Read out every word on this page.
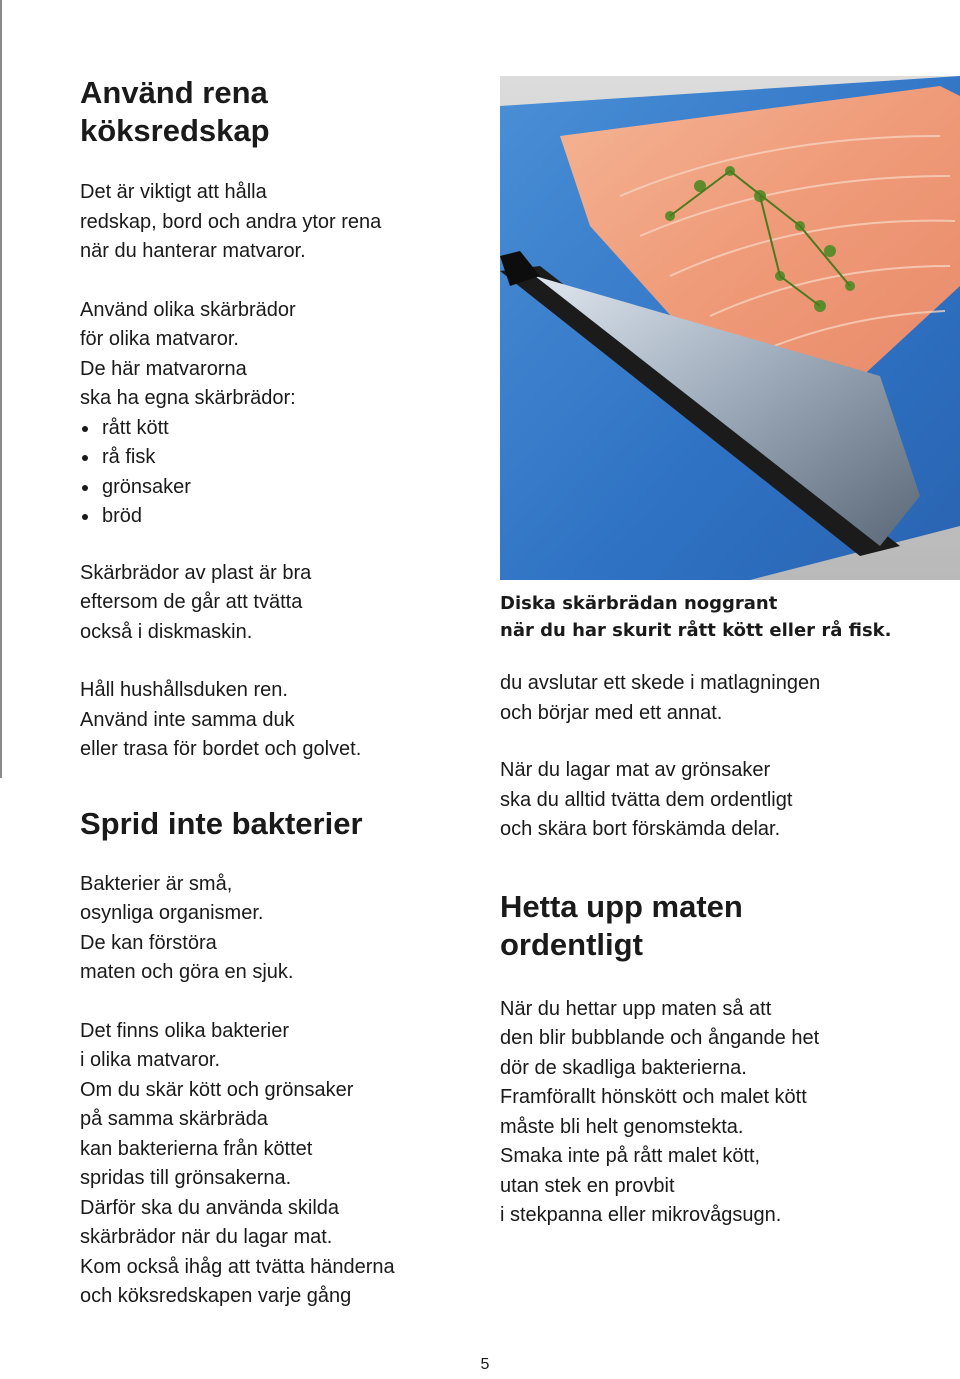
Använd rena
köksredskap

Det är viktigt att hålla
redskap, bord och andra ytor rena
när du hanterar matvaror.

Använd olika skärbrädor
för olika matvaror.
De här matvarorna
ska ha egna skärbrädor:

rått kött
rå fisk
grönsaker
bröd

Skärbrädor av plast är bra
eftersom de går att tvätta
också i diskmaskin.

Håll hushållsduken ren.
Använd inte samma duk
eller trasa för bordet och golvet.

Sprid inte bakterier

Bakterier är små,
osynliga organismer.
De kan förstöra
maten och göra en sjuk.

Det finns olika bakterier
i olika matvaror.
Om du skär kött och grönsaker
på samma skärbräda
kan bakterierna från köttet
spridas till grönsakerna.
Därför ska du använda skilda
skärbrädor när du lagar mat.
Kom också ihåg att tvätta händerna
och köksredskapen varje gång

Diska skärbrädan noggrant
när du har skurit rått kött eller rå fisk.

du avslutar ett skede i matlagningen
och börjar med ett annat.

När du lagar mat av grönsaker
ska du alltid tvätta dem ordentligt
och skära bort förskämda delar.

Hetta upp maten
ordentligt

När du hettar upp maten så att
den blir bubblande och ångande het
dör de skadliga bakterierna.
Framförallt hönskött och malet kött
måste bli helt genomstekta.
Smaka inte på rått malet kött,
utan stek en provbit
i stekpanna eller mikrovågsugn.

5
